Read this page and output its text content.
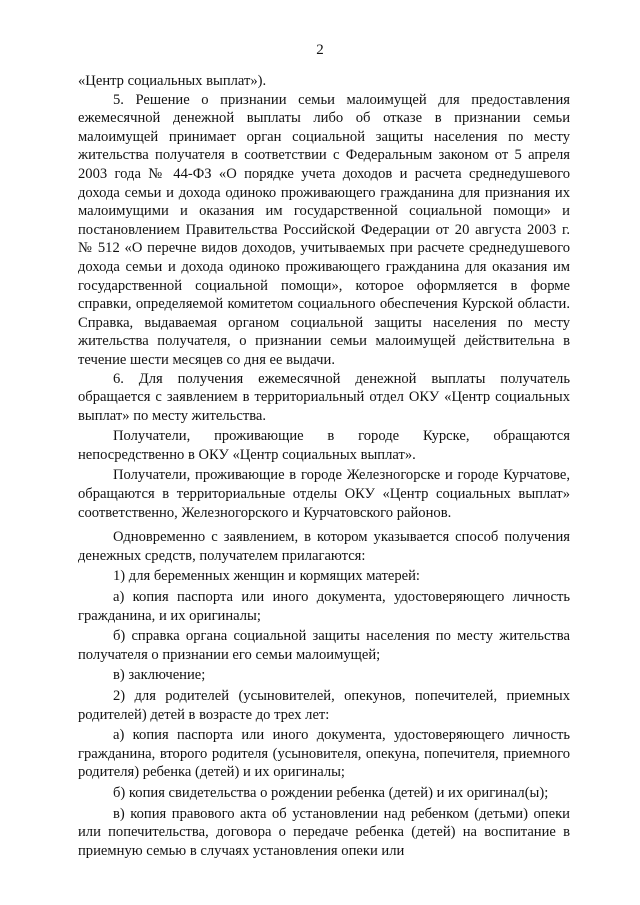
2

«Центр социальных выплат»).

5. Решение о признании семьи малоимущей для предоставления ежемесячной денежной выплаты либо об отказе в признании семьи малоимущей принимает орган социальной защиты населения по месту жительства получателя в соответствии с Федеральным законом от 5 апреля 2003 года № 44-ФЗ «О порядке учета доходов и расчета среднедушевого дохода семьи и дохода одиноко проживающего гражданина для признания их малоимущими и оказания им государственной социальной помощи» и постановлением Правительства Российской Федерации от 20 августа 2003 г. № 512 «О перечне видов доходов, учитываемых при расчете среднедушевого дохода семьи и дохода одиноко проживающего гражданина для оказания им государственной социальной помощи», которое оформляется в форме справки, определяемой комитетом социального обеспечения Курской области. Справка, выдаваемая органом социальной защиты населения по месту жительства получателя, о признании семьи малоимущей действительна в течение шести месяцев со дня ее выдачи.

6. Для получения ежемесячной денежной выплаты получатель обращается с заявлением в территориальный отдел ОКУ «Центр социальных выплат» по месту жительства.

Получатели, проживающие в городе Курске, обращаются непосредственно в ОКУ «Центр социальных выплат».

Получатели, проживающие в городе Железногорске и городе Курчатове, обращаются в территориальные отделы ОКУ «Центр социальных выплат» соответственно, Железногорского и Курчатовского районов.

Одновременно с заявлением, в котором указывается способ получения денежных средств, получателем прилагаются:

1) для беременных женщин и кормящих матерей:

а) копия паспорта или иного документа, удостоверяющего личность гражданина, и их оригиналы;

б) справка органа социальной защиты населения по месту жительства получателя о признании его семьи малоимущей;

в) заключение;

2) для родителей (усыновителей, опекунов, попечителей, приемных родителей) детей в возрасте до трех лет:

а) копия паспорта или иного документа, удостоверяющего личность гражданина, второго родителя (усыновителя, опекуна, попечителя, приемного родителя) ребенка (детей) и их оригиналы;

б) копия свидетельства о рождении ребенка (детей) и их оригинал(ы);

в) копия правового акта об установлении над ребенком (детьми) опеки или попечительства, договора о передаче ребенка (детей) на воспитание в приемную семью в случаях установления опеки или
